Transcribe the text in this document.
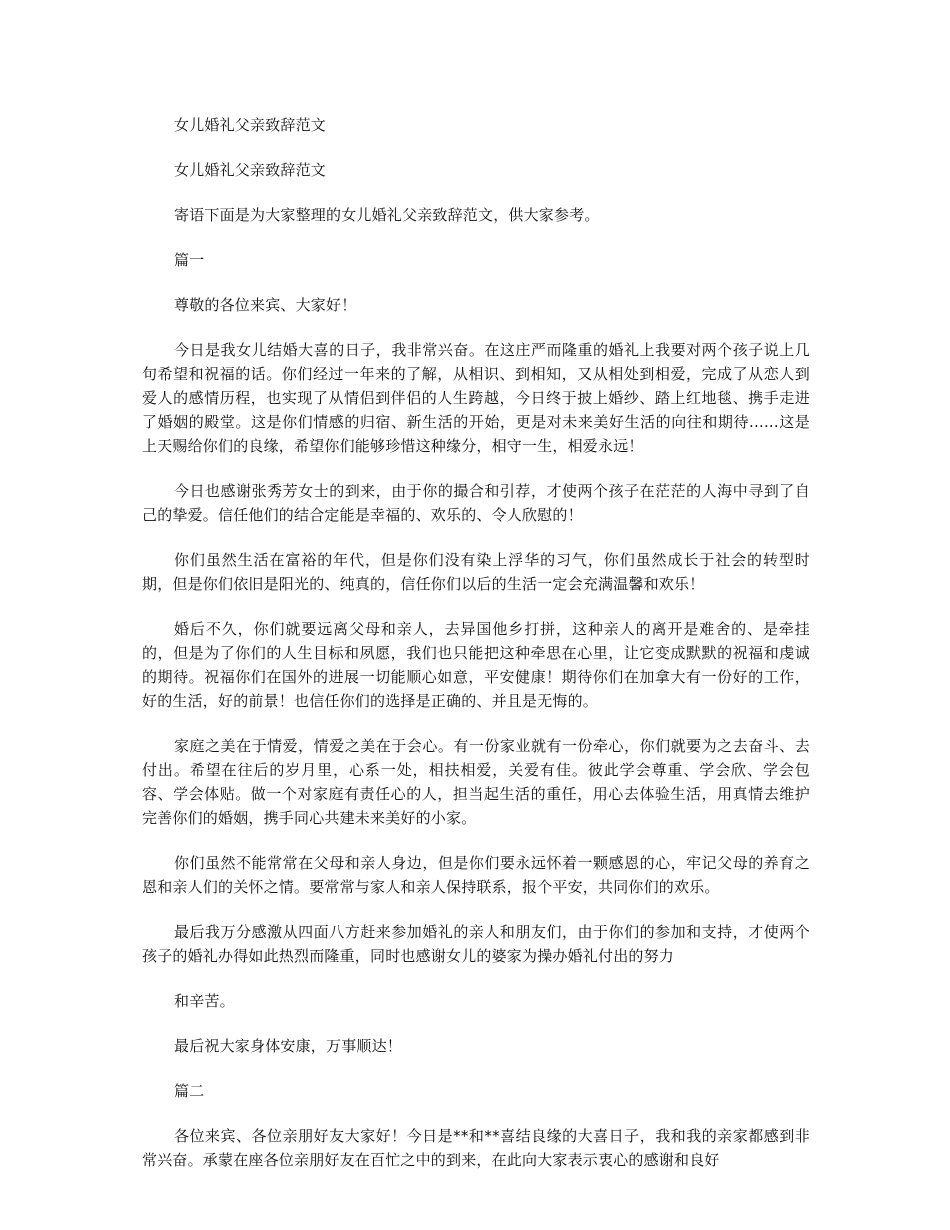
女儿婚礼父亲致辞范文

女儿婚礼父亲致辞范文

寄语下面是为大家整理的女儿婚礼父亲致辞范文，供大家参考。

篇一

尊敬的各位来宾、大家好！

今日是我女儿结婚大喜的日子，我非常兴奋。在这庄严而隆重的婚礼上我要对两个孩子说上几句希望和祝福的话。你们经过一年来的了解，从相识、到相知，又从相处到相爱，完成了从恋人到爱人的感情历程，也实现了从情侣到伴侣的人生跨越，今日终于披上婚纱、踏上红地毯、携手走进了婚姻的殿堂。这是你们情感的归宿、新生活的开始，更是对未来美好生活的向往和期待......这是上天赐给你们的良缘，希望你们能够珍惜这种缘分，相守一生，相爱永远！

今日也感谢张秀芳女士的到来，由于你的撮合和引荐，才使两个孩子在茫茫的人海中寻到了自己的挚爱。信任他们的结合定能是幸福的、欢乐的、令人欣慰的！

你们虽然生活在富裕的年代，但是你们没有染上浮华的习气，你们虽然成长于社会的转型时期，但是你们依旧是阳光的、纯真的，信任你们以后的生活一定会充满温馨和欢乐！

婚后不久，你们就要远离父母和亲人，去异国他乡打拼，这种亲人的离开是难舍的、是牵挂的，但是为了你们的人生目标和夙愿，我们也只能把这种牵思在心里，让它变成默默的祝福和虔诚的期待。祝福你们在国外的进展一切能顺心如意，平安健康！期待你们在加拿大有一份好的工作，好的生活，好的前景！也信任你们的选择是正确的、并且是无悔的。

家庭之美在于情爱，情爱之美在于会心。有一份家业就有一份牵心，你们就要为之去奋斗、去付出。希望在往后的岁月里，心系一处，相扶相爱，关爱有佳。彼此学会尊重、学会欣、学会包容、学会体贴。做一个对家庭有责任心的人，担当起生活的重任，用心去体验生活，用真情去维护完善你们的婚姻，携手同心共建未来美好的小家。

你们虽然不能常常在父母和亲人身边，但是你们要永远怀着一颗感恩的心，牢记父母的养育之恩和亲人们的关怀之情。要常常与家人和亲人保持联系，报个平安，共同你们的欢乐。

最后我万分感激从四面八方赶来参加婚礼的亲人和朋友们，由于你们的参加和支持，才使两个孩子的婚礼办得如此热烈而隆重，同时也感谢女儿的婆家为操办婚礼付出的努力

和辛苦。

最后祝大家身体安康，万事顺达！

篇二

各位来宾、各位亲朋好友大家好！今日是**和**喜结良缘的大喜日子，我和我的亲家都感到非常兴奋。承蒙在座各位亲朋好友在百忙之中的到来，在此向大家表示衷心的感谢和良好
